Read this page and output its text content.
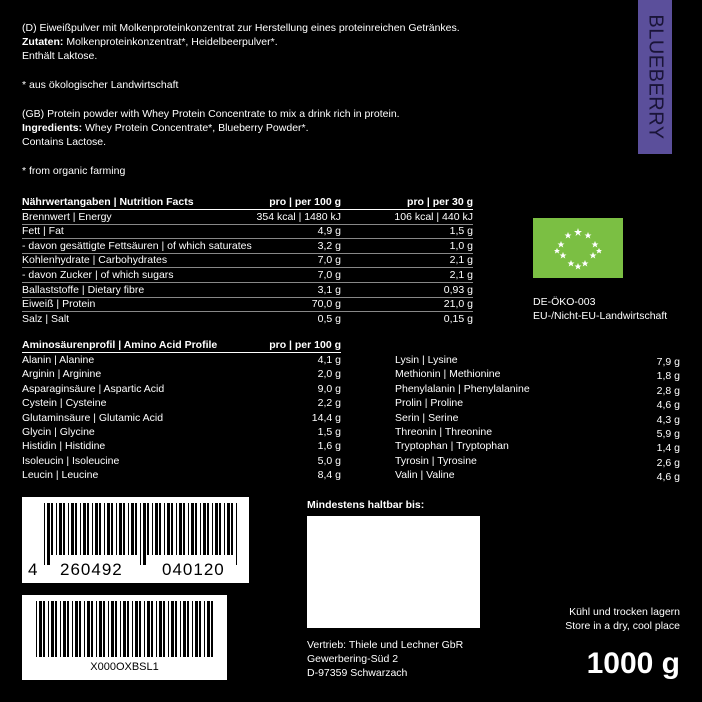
(D) Eiweißpulver mit Molkenproteinkonzentrat zur Herstellung eines proteinreichen Getränkes.
Zutaten: Molkenproteinkonzentrat*, Heidelbeerpulver*.
Enthält Laktose.
* aus ökologischer Landwirtschaft
(GB) Protein powder with Whey Protein Concentrate to mix a drink rich in protein.
Ingredients: Whey Protein Concentrate*, Blueberry Powder*.
Contains Lactose.
* from organic farming
BLUEBERRY
Nährwertangaben | Nutrition Facts	pro | per 100 g	pro | per 30 g
Brennwert | Energy	354 kcal | 1480 kJ	106 kcal | 440 kJ
Fett | Fat	4,9 g	1,5 g
- davon gesättigte Fettsäuren | of which saturates	3,2 g	1,0 g
Kohlenhydrate | Carbohydrates	7,0 g	2,1 g
- davon Zucker | of which sugars	7,0 g	2,1 g
Ballaststoffe | Dietary fibre	3,1 g	0,93 g
Eiweiß | Protein	70,0 g	21,0 g
Salz | Salt	0,5 g	0,15 g
DE-ÖKO-003
EU-/Nicht-EU-Landwirtschaft
Aminosäurenprofil | Amino Acid Profile	pro | per 100 g
Alanin | Alanine	4,1 g
Arginin | Arginine	2,0 g
Asparaginsäure | Aspartic Acid	9,0 g
Cystein | Cysteine	2,2 g
Glutaminsäure | Glutamic Acid	14,4 g
Glycin | Glycine	1,5 g
Histidin | Histidine	1,6 g
Isoleucin | Isoleucine	5,0 g
Leucin | Leucine	8,4 g
Lysin | Lysine	7,9 g
Methionin | Methionine	1,8 g
Phenylalanin | Phenylalanine	2,8 g
Prolin | Proline	4,6 g
Serin | Serine	4,3 g
Threonin | Threonine	5,9 g
Tryptophan | Tryptophan	1,4 g
Tyrosin | Tyrosine	2,6 g
Valin | Valine	4,6 g
4 260492 040120
X000OXBSL1
Mindestens haltbar bis:
Vertrieb: Thiele und Lechner GbR
Gewerbering-Süd 2
D-97359 Schwarzach
Kühl und trocken lagern
Store in a dry, cool place
1000 g
